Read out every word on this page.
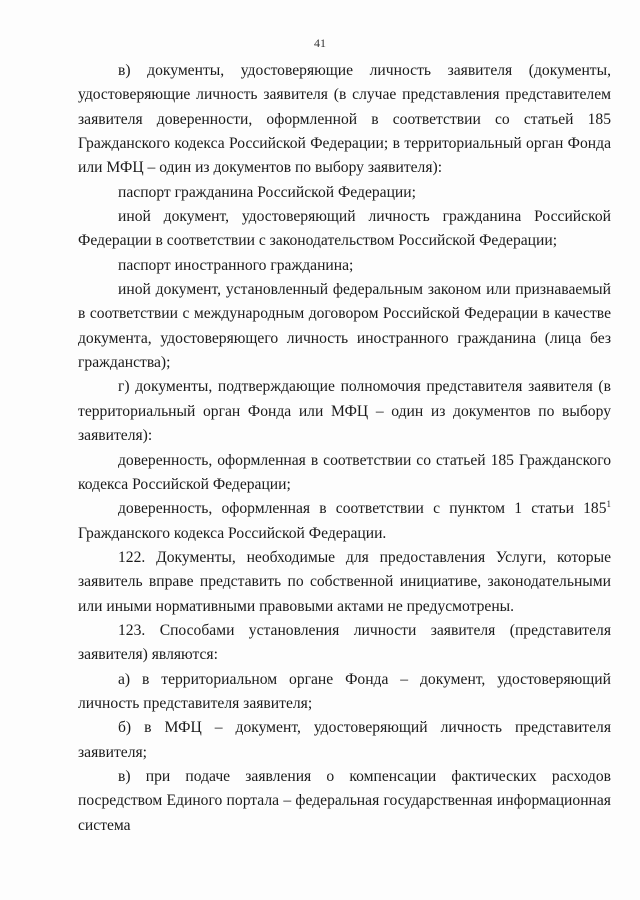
41

в) документы, удостоверяющие личность заявителя (документы, удостоверяющие личность заявителя (в случае представления представителем заявителя доверенности, оформленной в соответствии со статьей 185 Гражданского кодекса Российской Федерации; в территориальный орган Фонда или МФЦ – один из документов по выбору заявителя):

паспорт гражданина Российской Федерации;

иной документ, удостоверяющий личность гражданина Российской Федерации в соответствии с законодательством Российской Федерации;

паспорт иностранного гражданина;

иной документ, установленный федеральным законом или признаваемый в соответствии с международным договором Российской Федерации в качестве документа, удостоверяющего личность иностранного гражданина (лица без гражданства);

г) документы, подтверждающие полномочия представителя заявителя (в территориальный орган Фонда или МФЦ – один из документов по выбору заявителя):

доверенность, оформленная в соответствии со статьей 185 Гражданского кодекса Российской Федерации;

доверенность, оформленная в соответствии с пунктом 1 статьи $185^1$ Гражданского кодекса Российской Федерации.

122. Документы, необходимые для предоставления Услуги, которые заявитель вправе представить по собственной инициативе, законодательными или иными нормативными правовыми актами не предусмотрены.

123. Способами установления личности заявителя (представителя заявителя) являются:

а) в территориальном органе Фонда – документ, удостоверяющий личность представителя заявителя;

б) в МФЦ – документ, удостоверяющий личность представителя заявителя;

в) при подаче заявления о компенсации фактических расходов посредством Единого портала – федеральная государственная информационная система
